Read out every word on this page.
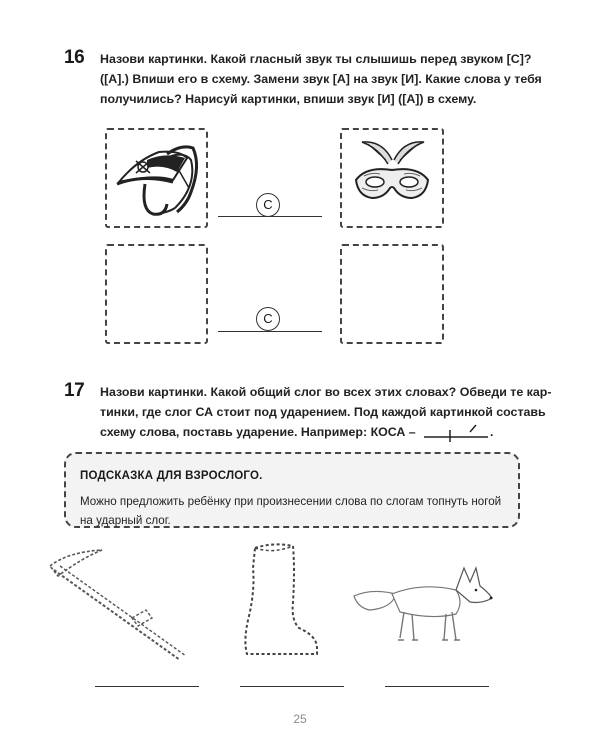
16 Назови картинки. Какой гласный звук ты слышишь перед звуком [С]?
([А].) Впиши его в схему. Замени звук [А] на звук [И]. Какие слова у тебя
получились? Нарисуй картинки, впиши звук [И] ([А]) в схему.
С
С
17 Назови картинки. Какой общий слог во всех этих словах? Обведи те кар-
тинки, где слог СА стоит под ударением. Под каждой картинкой составь
схему слова, поставь ударение. Например: КОСА –	.
ПОДСКАЗКА ДЛЯ ВЗРОСЛОГО.
Можно предложить ребёнку при произнесении слова по слогам топнуть ногой
на ударный слог.
25
